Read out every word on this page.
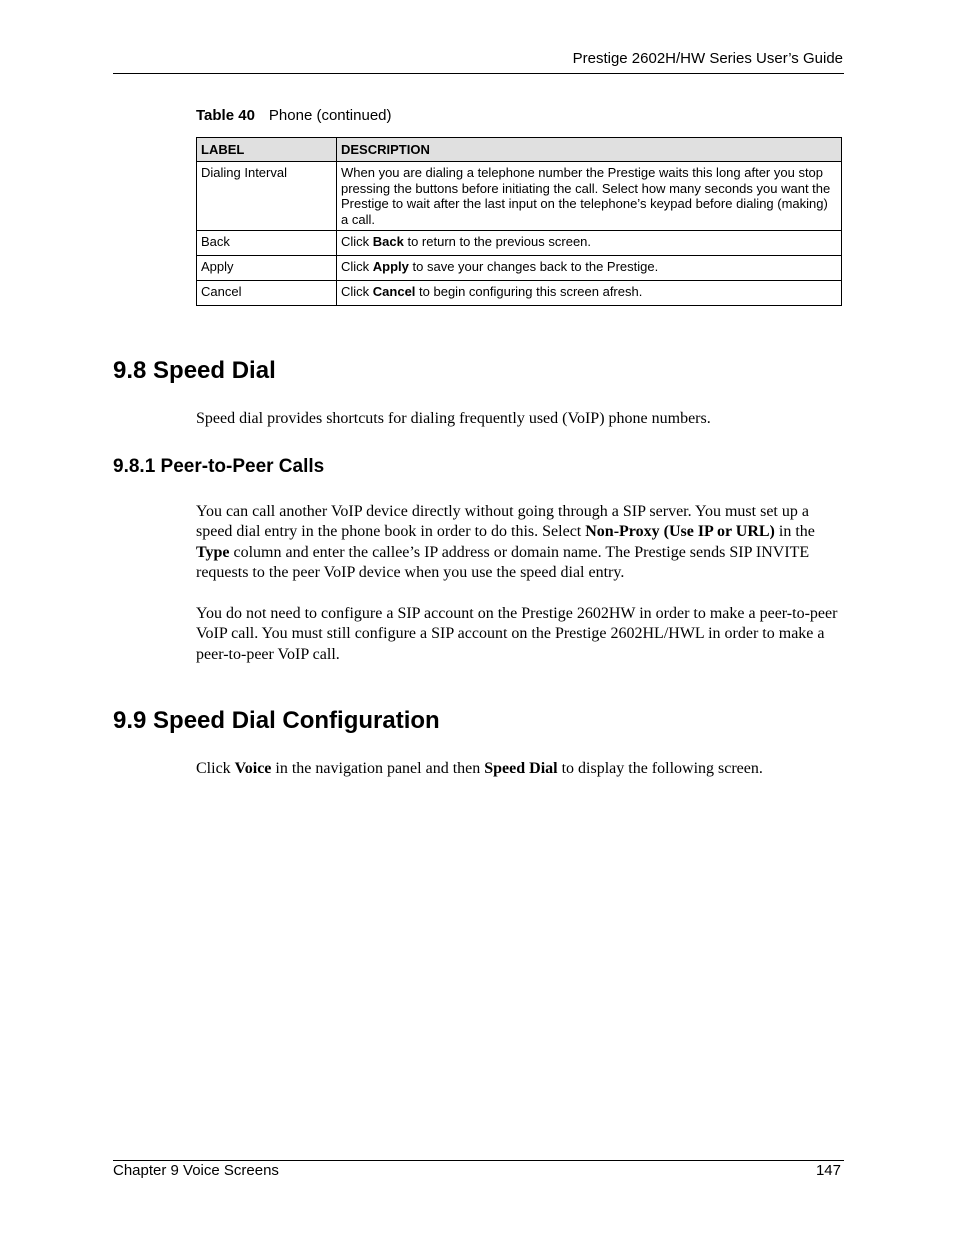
Prestige 2602H/HW Series User’s Guide
Table 40 Phone (continued)
LABEL	DESCRIPTION
Dialing Interval	When you are dialing a telephone number the Prestige waits this long after you stop pressing the buttons before initiating the call. Select how many seconds you want the Prestige to wait after the last input on the telephone’s keypad before dialing (making) a call.
Back	Click Back to return to the previous screen.
Apply	Click Apply to save your changes back to the Prestige.
Cancel	Click Cancel to begin configuring this screen afresh.
9.8 Speed Dial

Speed dial provides shortcuts for dialing frequently used (VoIP) phone numbers.

9.8.1 Peer-to-Peer Calls

You can call another VoIP device directly without going through a SIP server. You must set up a speed dial entry in the phone book in order to do this. Select Non-Proxy (Use IP or URL) in the Type column and enter the callee’s IP address or domain name. The Prestige sends SIP INVITE requests to the peer VoIP device when you use the speed dial entry.

You do not need to configure a SIP account on the Prestige 2602HW in order to make a peer-to-peer VoIP call. You must still configure a SIP account on the Prestige 2602HL/HWL in order to make a peer-to-peer VoIP call.

9.9 Speed Dial Configuration

Click Voice in the navigation panel and then Speed Dial to display the following screen.

Chapter 9 Voice Screens	147
